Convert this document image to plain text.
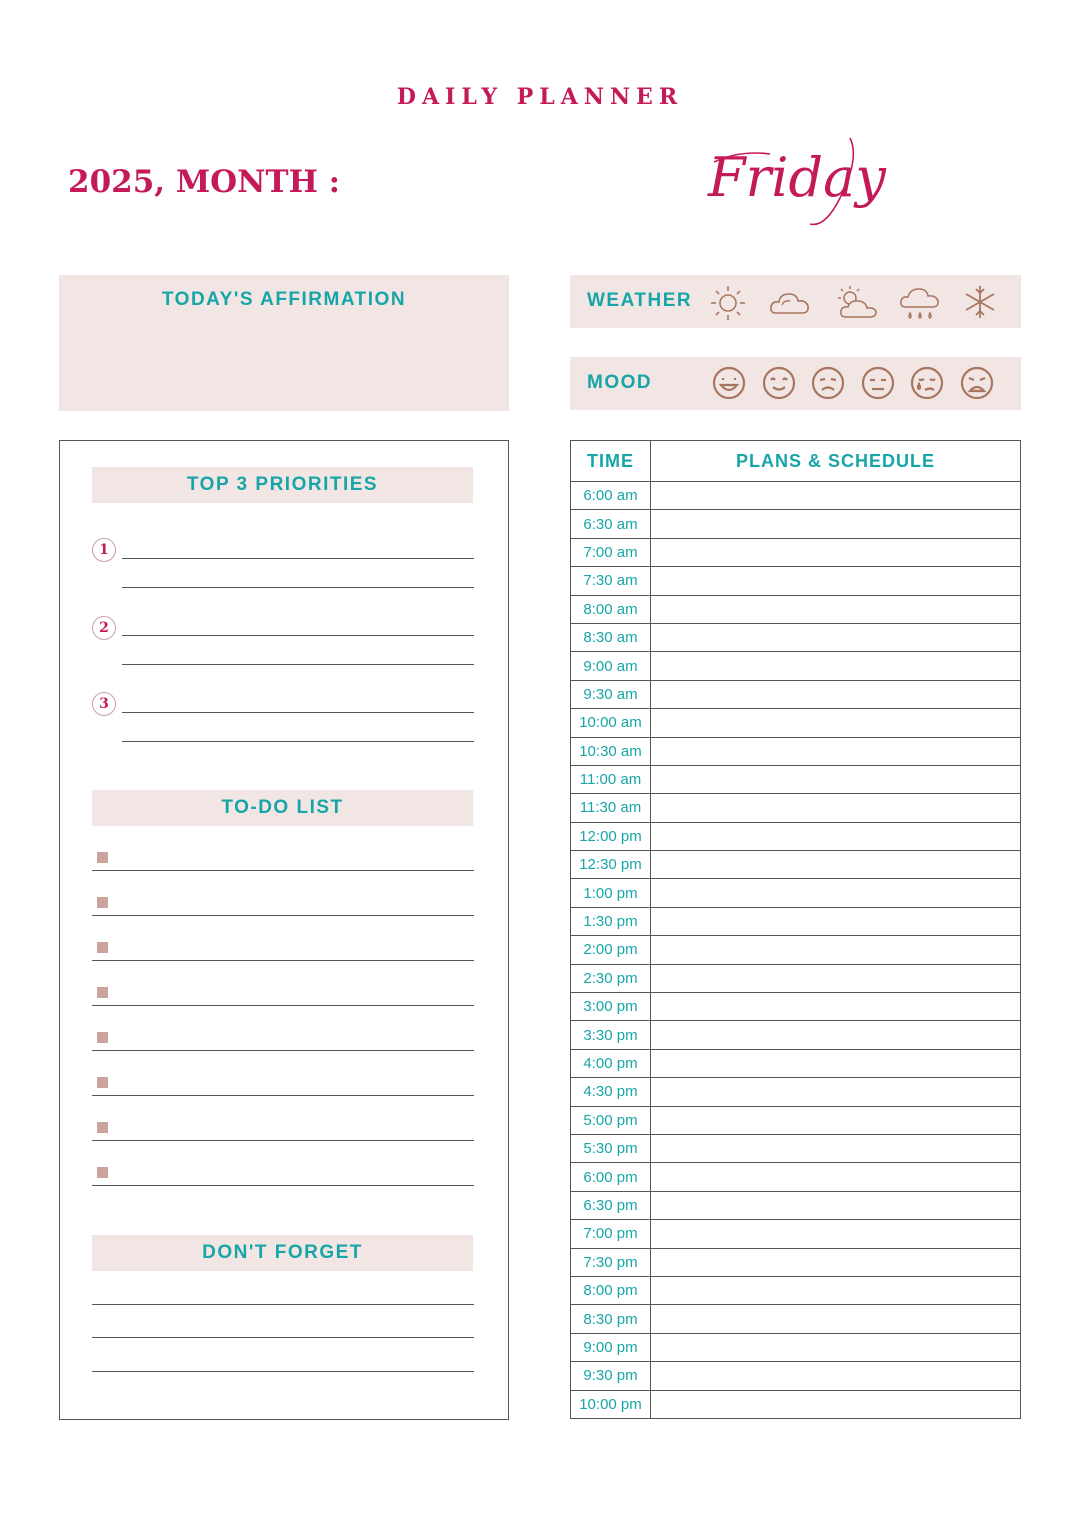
DAILY PLANNER
2025, MONTH :	Friday
TODAY'S AFFIRMATION	WEATHER
MOOD
TOP 3 PRIORITIES
1
2
3
TO-DO LIST
DON'T FORGET
TIME	PLANS & SCHEDULE
6:00 am	
6:30 am	
7:00 am	
7:30 am	
8:00 am	
8:30 am	
9:00 am	
9:30 am	
10:00 am	
10:30 am	
11:00 am	
11:30 am	
12:00 pm	
12:30 pm	
1:00 pm	
1:30 pm	
2:00 pm	
2:30 pm	
3:00 pm	
3:30 pm	
4:00 pm	
4:30 pm	
5:00 pm	
5:30 pm	
6:00 pm	
6:30 pm	
7:00 pm	
7:30 pm	
8:00 pm	
8:30 pm	
9:00 pm	
9:30 pm	
10:00 pm	
